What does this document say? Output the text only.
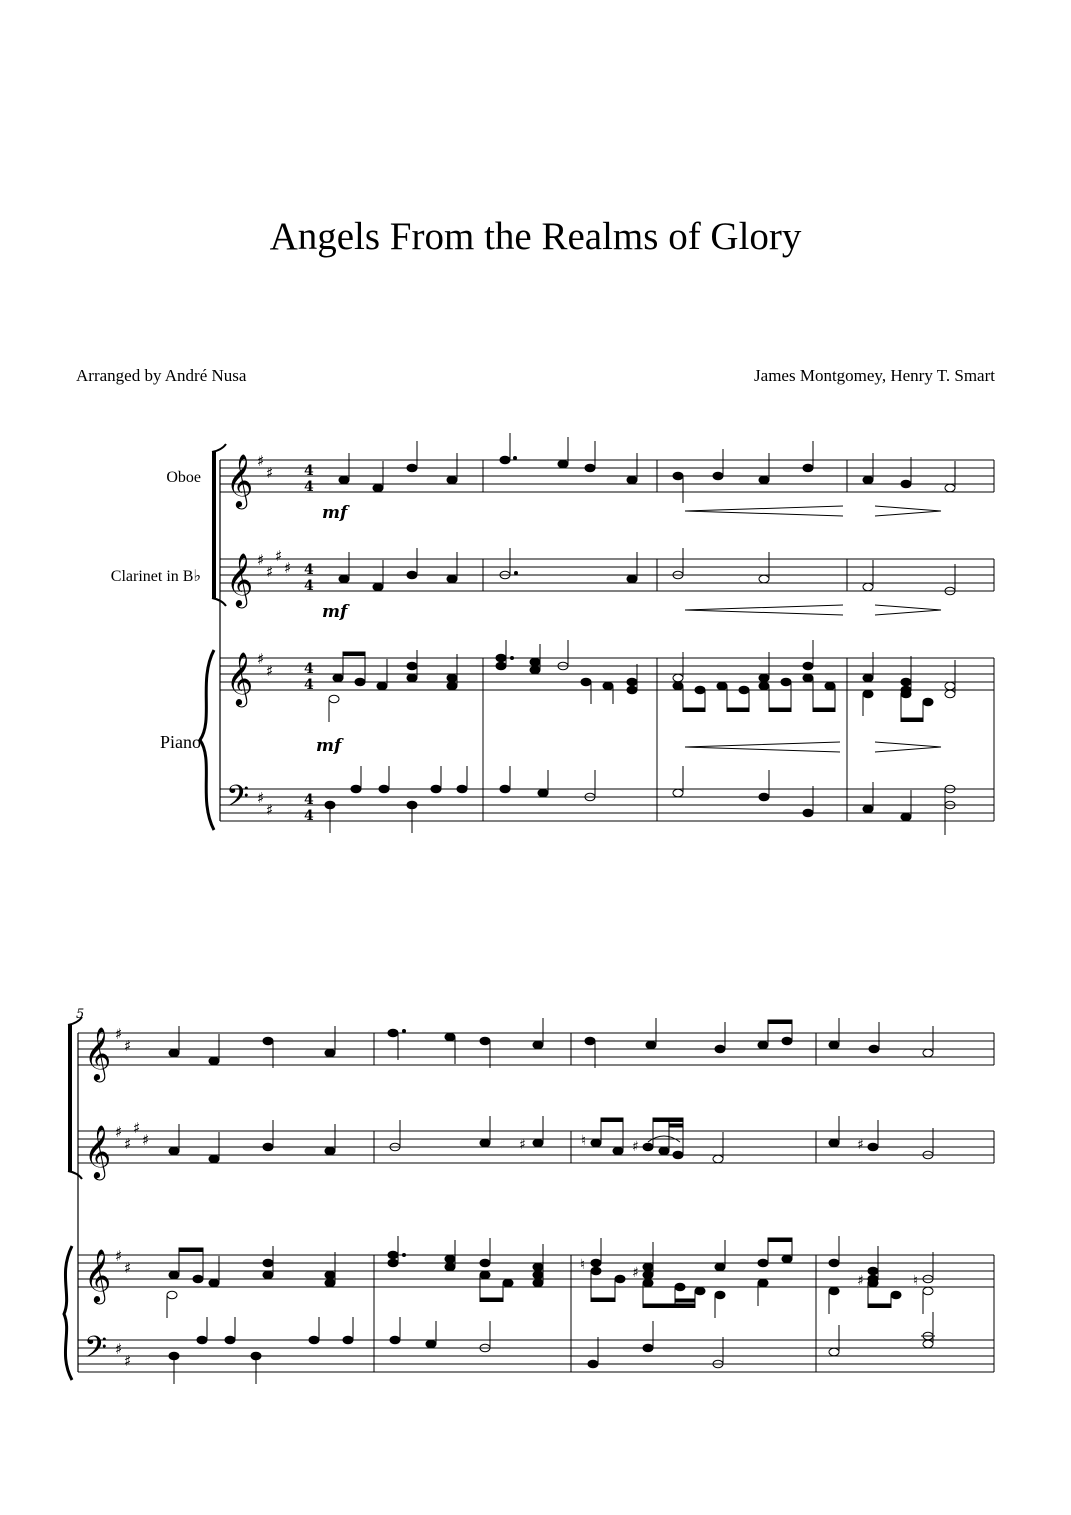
Angels From the Realms of Glory
Arranged by André Nusa	James Montgomey, Henry T. Smart
Oboe
Clarinet in B♭
Piano
𝄞
𝄞
𝄞
𝄢
♯
♯
♯
♯
♯
♯
♯
♯
♯
♯
4
4
4
4
4
4
4
4
mf
mf
mf
5
𝄞
𝄞
𝄞
𝄢
♯
♯
♯
♯
♯
♯
♯
♯
♯
♯
♯	♮	♯	♯
♮	♯	♯	♮
